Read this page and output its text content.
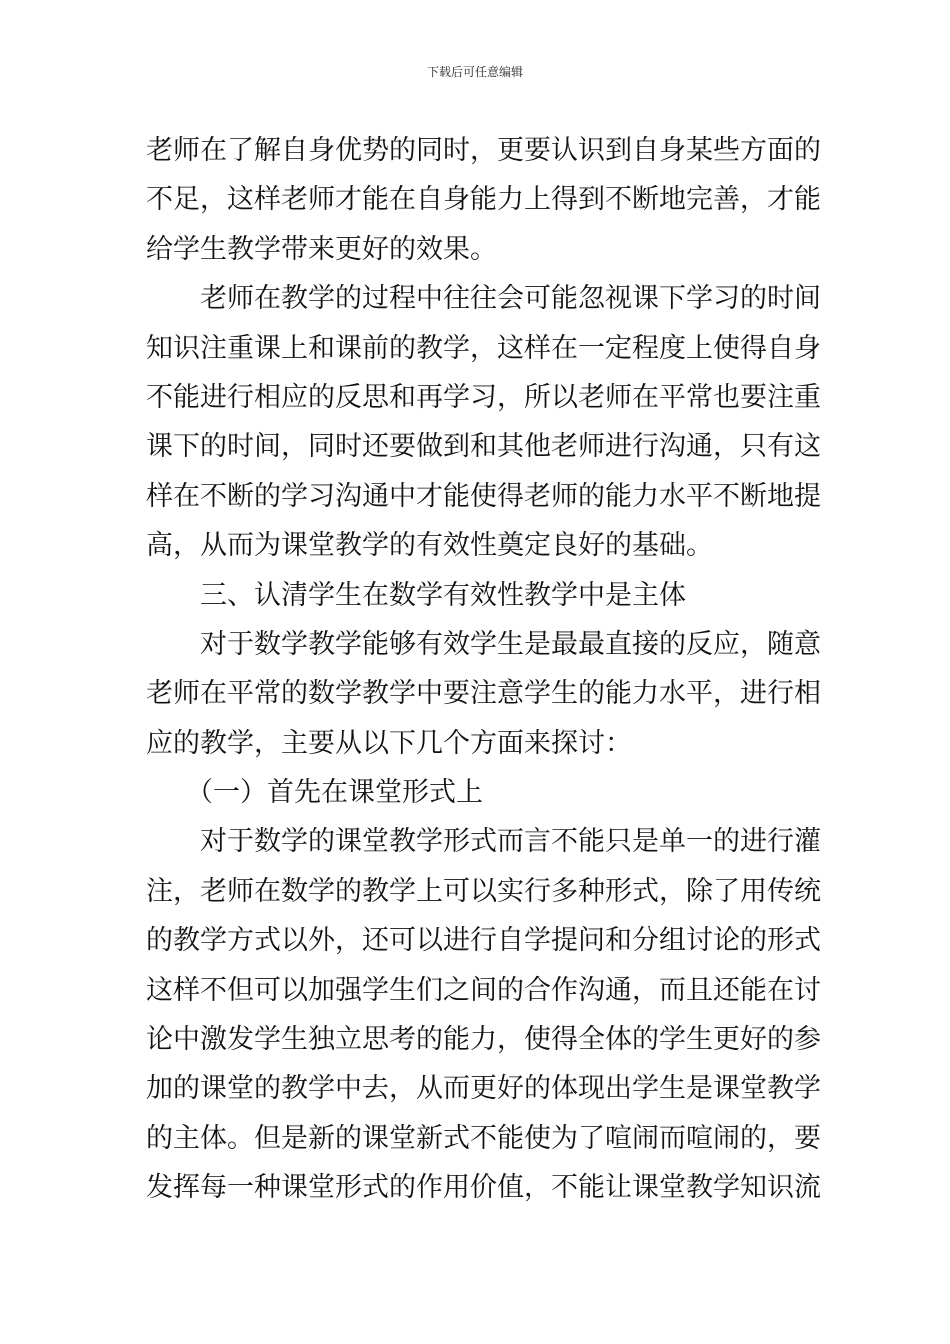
下载后可任意编辑
老师在了解自身优势的同时，更要认识到自身某些方面的
不足，这样老师才能在自身能力上得到不断地完善，才能
给学生教学带来更好的效果。
老师在教学的过程中往往会可能忽视课下学习的时间
知识注重课上和课前的教学，这样在一定程度上使得自身
不能进行相应的反思和再学习，所以老师在平常也要注重
课下的时间，同时还要做到和其他老师进行沟通，只有这
样在不断的学习沟通中才能使得老师的能力水平不断地提
高，从而为课堂教学的有效性奠定良好的基础。
三、认清学生在数学有效性教学中是主体
对于数学教学能够有效学生是最最直接的反应，随意
老师在平常的数学教学中要注意学生的能力水平，进行相
应的教学，主要从以下几个方面来探讨：
（一）首先在课堂形式上
对于数学的课堂教学形式而言不能只是单一的进行灌
注，老师在数学的教学上可以实行多种形式，除了用传统
的教学方式以外，还可以进行自学提问和分组讨论的形式
这样不但可以加强学生们之间的合作沟通，而且还能在讨
论中激发学生独立思考的能力，使得全体的学生更好的参
加的课堂的教学中去，从而更好的体现出学生是课堂教学
的主体。但是新的课堂新式不能使为了喧闹而喧闹的，要
发挥每一种课堂形式的作用价值，不能让课堂教学知识流
